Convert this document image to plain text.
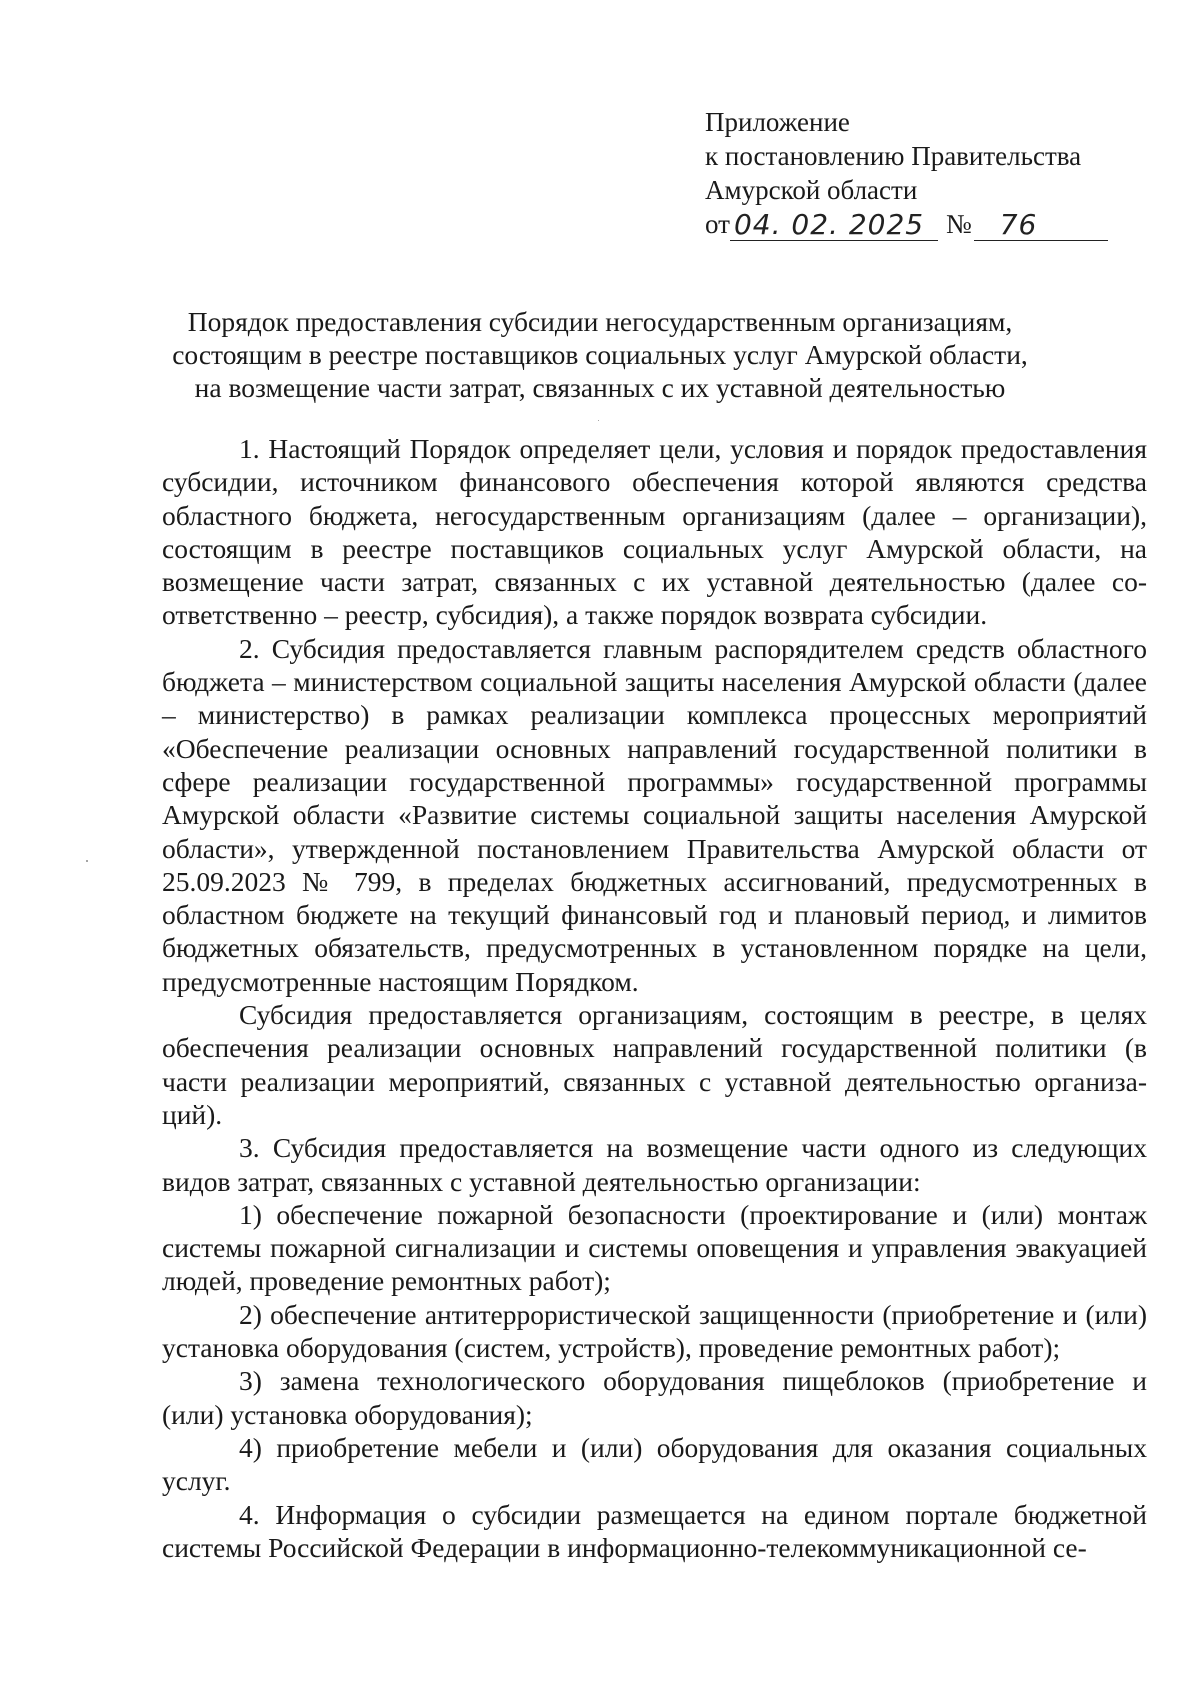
Приложение
к постановлению Правительства
Амурской области
от 04. 02. 2025 №	76
Порядок предоставления субсидии негосударственным организациям,
состоящим в реестре поставщиков социальных услуг Амурской области,
на возмещение части затрат, связанных с их уставной деятельностью

1. Настоящий Порядок определяет цели, условия и порядок предоставления субсидии, источником финансового обеспечения которой являются средства областного бюджета, негосударственным организациям (далее – организации), состоящим в реестре поставщиков социальных услуг Амурской области, на возмещение части затрат, связанных с их уставной деятельностью (далее соответственно – реестр, субсидия), а также порядок возврата субсидии.

2. Субсидия предоставляется главным распорядителем средств областного бюджета – министерством социальной защиты населения Амурской области (далее – министерство) в рамках реализации комплекса процессных мероприятий «Обеспечение реализации основных направлений государственной политики в сфере реализации государственной программы» государственной программы Амурской области «Развитие системы социальной защиты населения Амурской области», утвержденной постановлением Правительства Амурской области от 25.09.2023 № 799, в пределах бюджетных ассигнований, предусмотренных в областном бюджете на текущий финансовый год и плановый период, и лимитов бюджетных обязательств, предусмотренных в установленном порядке на цели, предусмотренные настоящим Порядком.

Субсидия предоставляется организациям, состоящим в реестре, в целях обеспечения реализации основных направлений государственной политики (в части реализации мероприятий, связанных с уставной деятельностью организаций).

3. Субсидия предоставляется на возмещение части одного из следующих видов затрат, связанных с уставной деятельностью организации:

1) обеспечение пожарной безопасности (проектирование и (или) монтаж системы пожарной сигнализации и системы оповещения и управления эвакуацией людей, проведение ремонтных работ);

2) обеспечение антитеррористической защищенности (приобретение и (или) установка оборудования (систем, устройств), проведение ремонтных работ);

3) замена технологического оборудования пищеблоков (приобретение и (или) установка оборудования);

4) приобретение мебели и (или) оборудования для оказания социальных услуг.

4. Информация о субсидии размещается на едином портале бюджетной системы Российской Федерации в информационно-телекоммуникационной се-
